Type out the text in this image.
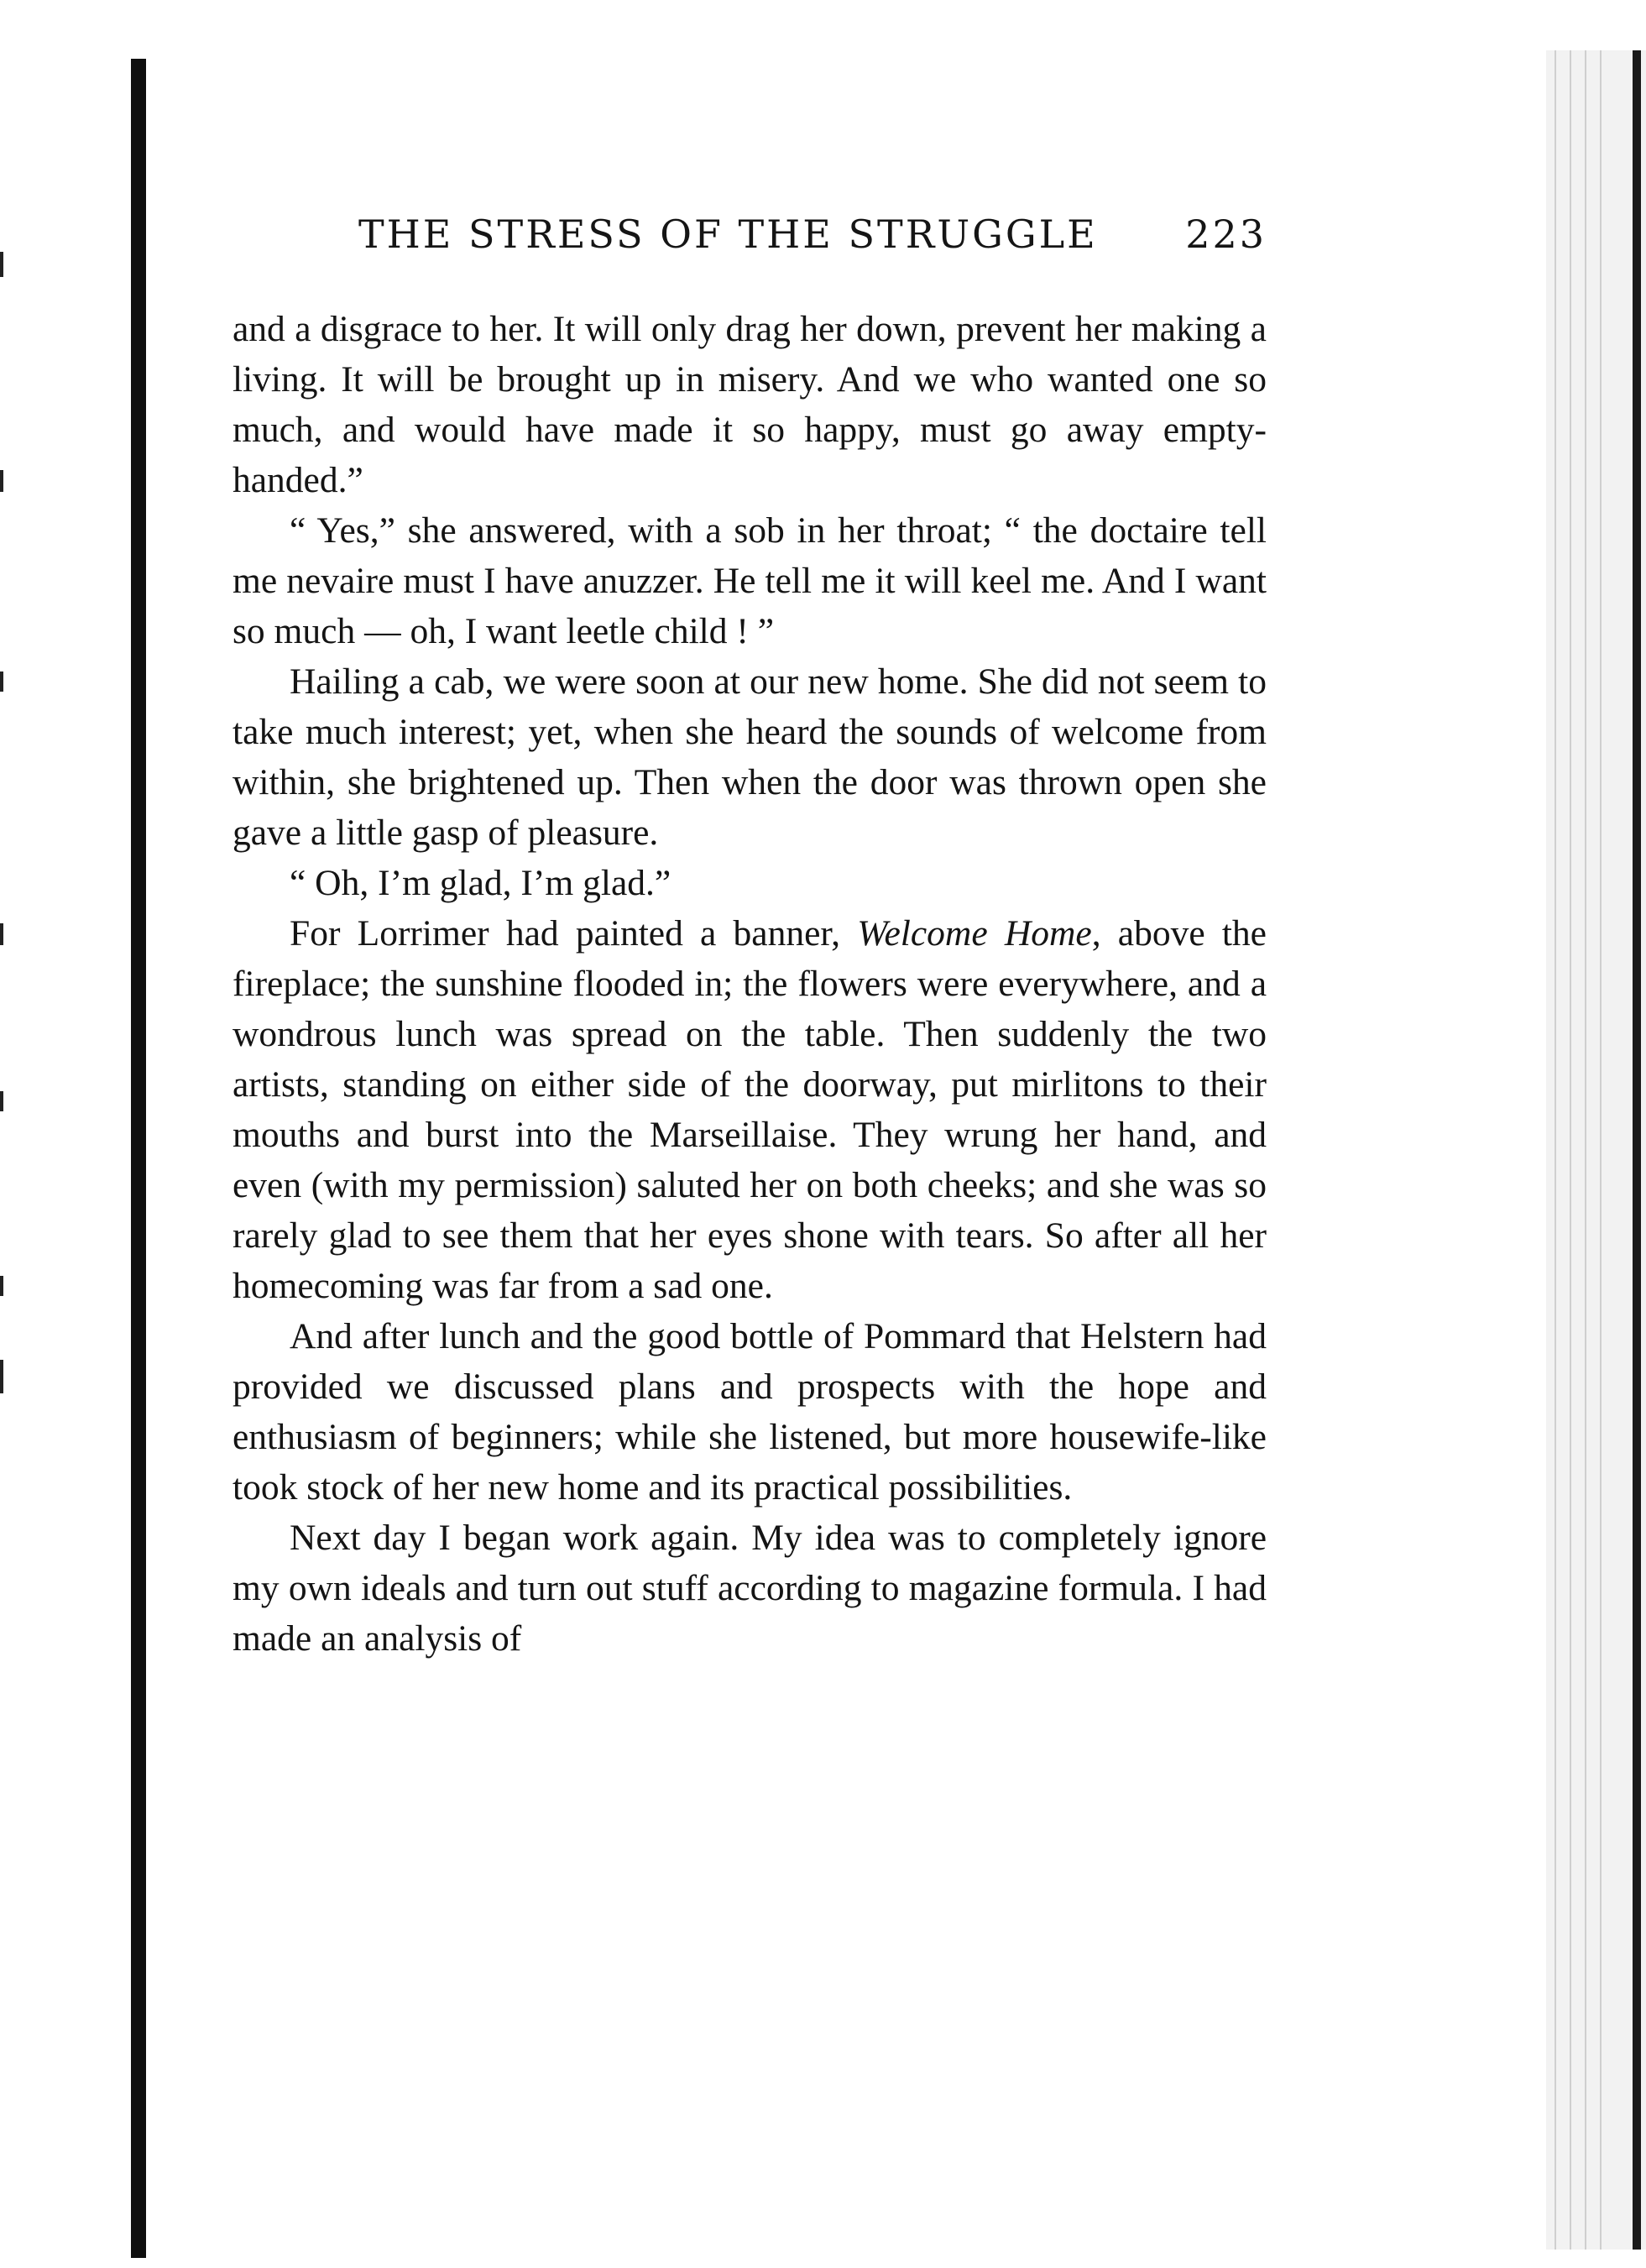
THE STRESS OF THE STRUGGLE 223

and a disgrace to her. It will only drag her down, prevent her making a living. It will be brought up in misery. And we who wanted one so much, and would have made it so happy, must go away empty-handed.”

“ Yes,” she answered, with a sob in her throat; “ the doctaire tell me nevaire must I have anuzzer. He tell me it will keel me. And I want so much — oh, I want leetle child ! ”

Hailing a cab, we were soon at our new home. She did not seem to take much interest; yet, when she heard the sounds of welcome from within, she brightened up. Then when the door was thrown open she gave a little gasp of pleasure.

“ Oh, I’m glad, I’m glad.”

For Lorrimer had painted a banner, Welcome Home, above the fireplace; the sunshine flooded in; the flowers were everywhere, and a wondrous lunch was spread on the table. Then suddenly the two artists, standing on either side of the doorway, put mirlitons to their mouths and burst into the Marseillaise. They wrung her hand, and even (with my permission) saluted her on both cheeks; and she was so rarely glad to see them that her eyes shone with tears. So after all her homecoming was far from a sad one.

And after lunch and the good bottle of Pommard that Helstern had provided we discussed plans and prospects with the hope and enthusiasm of beginners; while she listened, but more housewife-like took stock of her new home and its practical possibilities.

Next day I began work again. My idea was to completely ignore my own ideals and turn out stuff according to magazine formula. I had made an analysis of
